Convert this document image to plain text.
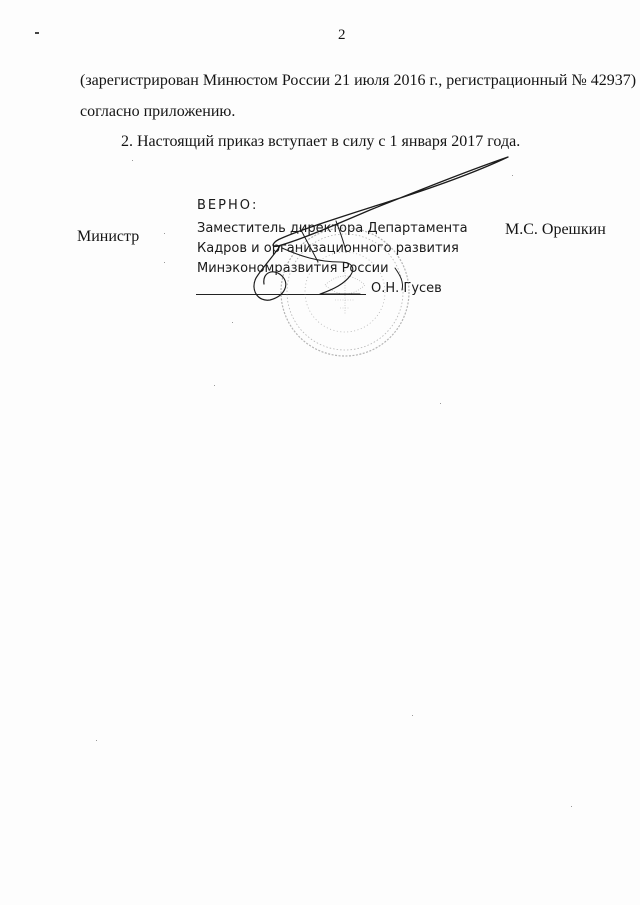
2
(зарегистрирован Минюстом России 21 июля 2016 г., регистрационный № 42937)
согласно приложению.
2. Настоящий приказ вступает в силу с 1 января 2017 года.
Министр	М.С. Орешкин
ВЕРНО:
Заместитель директора Департамента
Кадров и организационного развития
Минэкономразвития России
О.Н. Гусев
